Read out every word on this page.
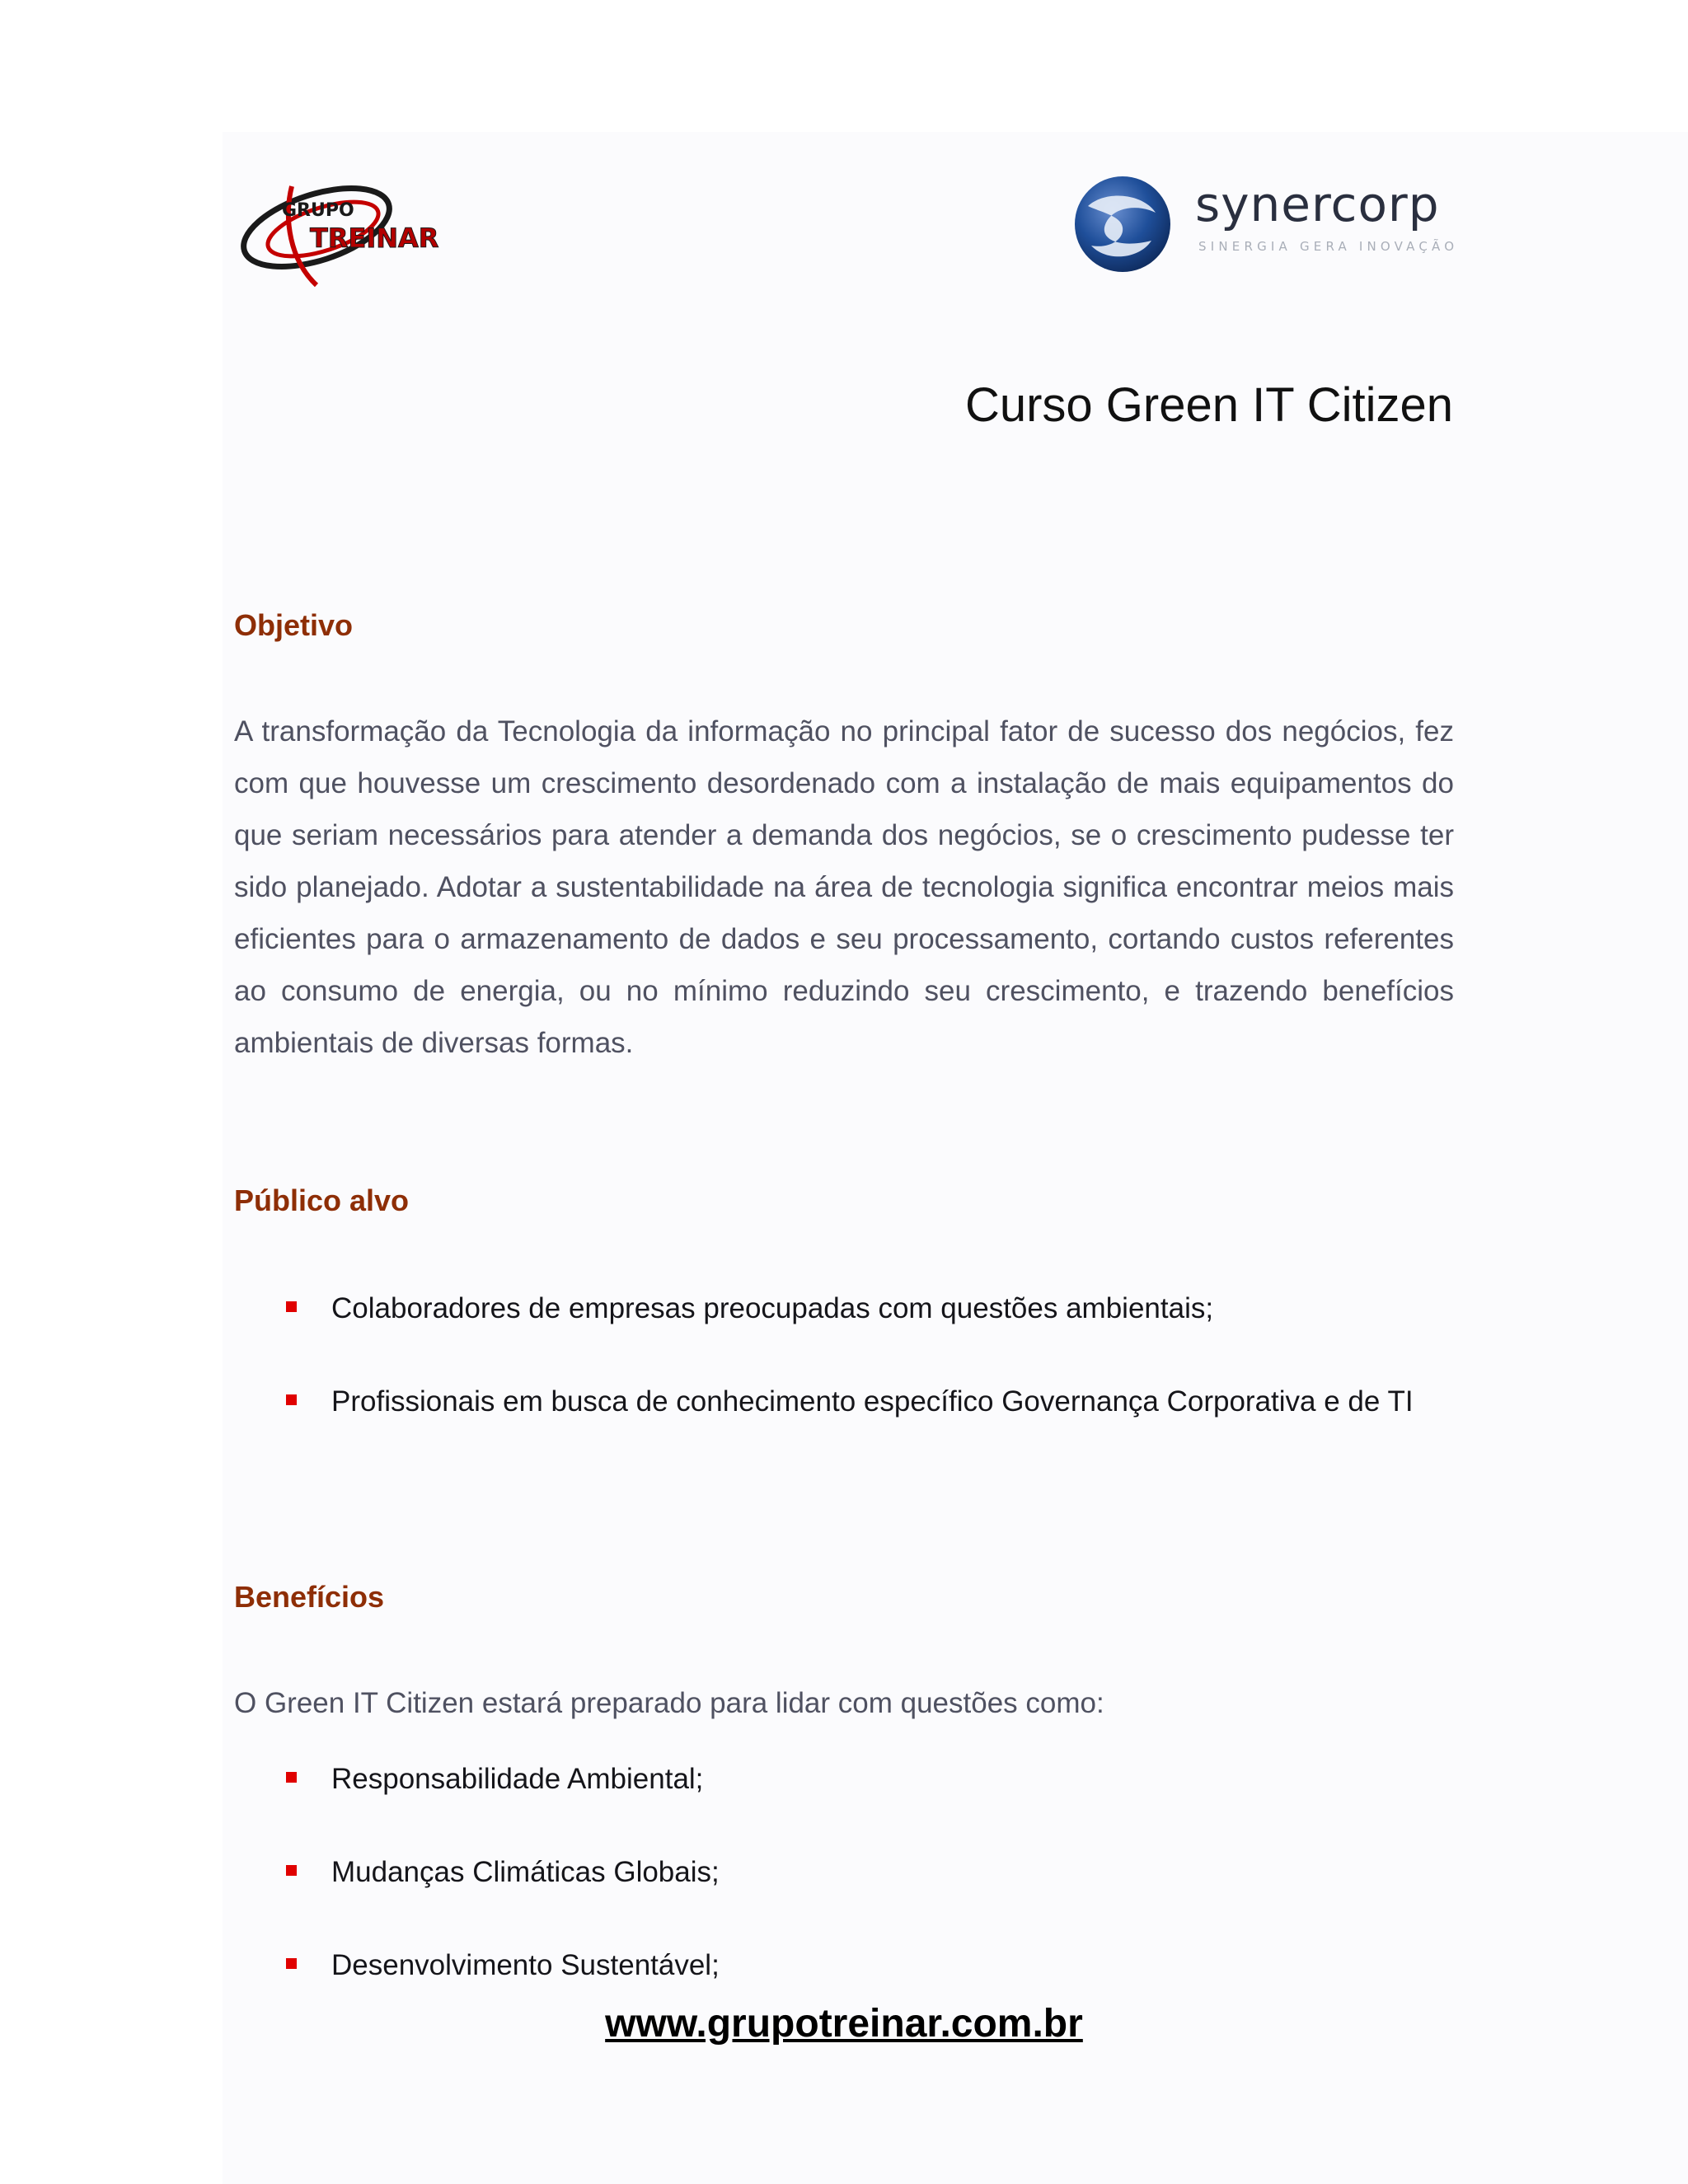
GRUPO
TREINAR
synercorp
SINERGIA GERA INOVAÇÃO
Curso Green IT Citizen
Objetivo

A transformação da Tecnologia da informação no principal fator de sucesso dos negócios, fez com que houvesse um crescimento desordenado com a instalação de mais equipamentos do que seriam necessários para atender a demanda dos negócios, se o crescimento pudesse ter sido planejado. Adotar a sustentabilidade na área de tecnologia significa encontrar meios mais eficientes para o armazenamento de dados e seu processamento, cortando custos referentes ao consumo de energia, ou no mínimo reduzindo seu crescimento, e trazendo benefícios ambientais de diversas formas.

Público alvo
Colaboradores de empresas preocupadas com questões ambientais;
Profissionais em busca de conhecimento específico Governança Corporativa e de TI
Benefícios

O Green IT Citizen estará preparado para lidar com questões como:

Responsabilidade Ambiental;
Mudanças Climáticas Globais;
Desenvolvimento Sustentável;
www.grupotreinar.com.br
